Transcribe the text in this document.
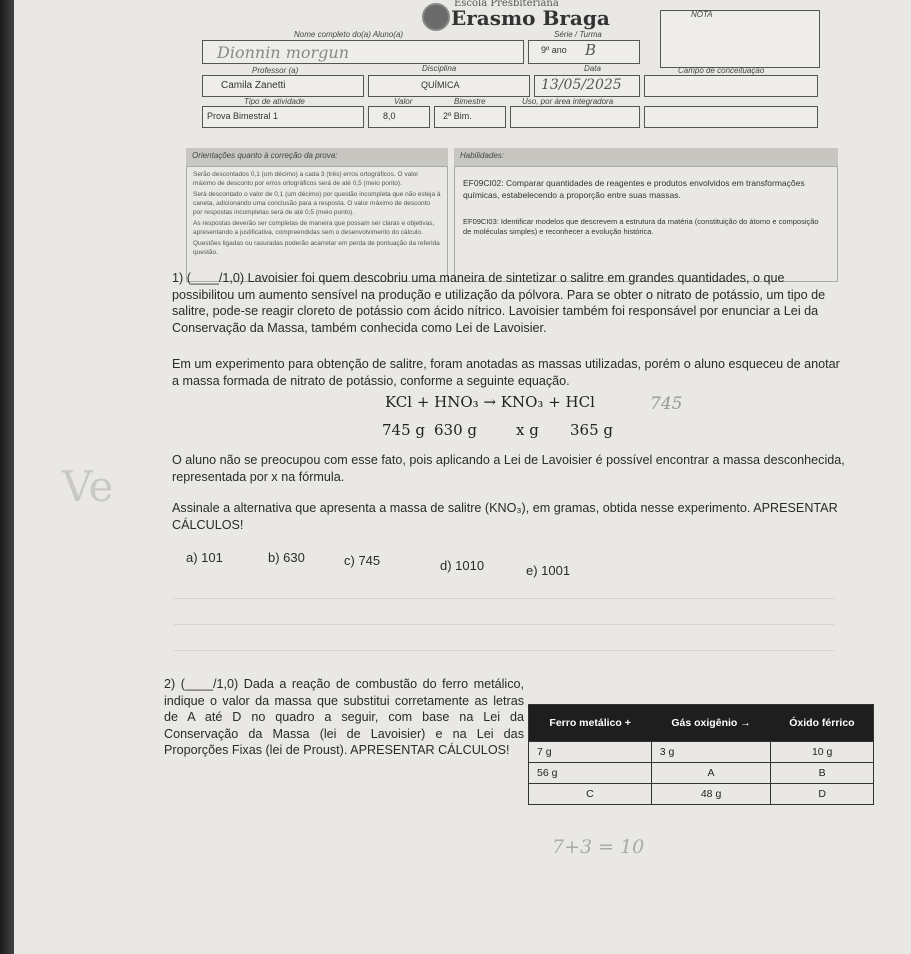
Escola Presbiteriana
Erasmo Braga	NOTA
Nome completo do(a) Aluno(a)
Dionnin morgun
Série / Turma
9º ano B
Professor (a)
Camila Zanetti
Disciplina
QUÍMICA
Data
13/05/2025
Campo de conceituação
Tipo de atividade
Prova Bimestral 1
Valor
8,0
Bimestre
2º Bim.
Uso, por área integradora
Orientações quanto à correção da prova:	Habilidades:
Serão descontados 0,1 (um décimo) a cada 3 (três) erros ortográficos. O valor máximo de desconto por erros ortográficos será de até 0,5 (meio ponto).
Será descontado o valor de 0,1 (um décimo) por questão incompleta que não esteja à caneta, adicionando uma conclusão para a resposta. O valor máximo de desconto por respostas incompletas será de até 0,5 (meio ponto).
As respostas deverão ser completas de maneira que possam ser claras e objetivas, apresentando a justificativa, compreendidas sem o desenvolvimento do cálculo.
Questões ligadas ou rasuradas poderão acarretar em perda de pontuação da referida questão.
EF09CI02: Comparar quantidades de reagentes e produtos envolvidos em transformações químicas, estabelecendo a proporção entre suas massas.
EF09CI03: Identificar modelos que descrevem a estrutura da matéria (constituição do átomo e composição de moléculas simples) e reconhecer a evolução histórica.
1) (____/1,0) Lavoisier foi quem descobriu uma maneira de sintetizar o salitre em grandes quantidades, o que possibilitou um aumento sensível na produção e utilização da pólvora. Para se obter o nitrato de potássio, um tipo de salitre, pode-se reagir cloreto de potássio com ácido nítrico. Lavoisier também foi responsável por enunciar a Lei da Conservação da Massa, também conhecida como Lei de Lavoisier.
Em um experimento para obtenção de salitre, foram anotadas as massas utilizadas, porém o aluno esqueceu de anotar a massa formada de nitrato de potássio, conforme a seguinte equação.
KCl + HNO₃ → KNO₃ + HCl	745
745 g 630 g	x g 365 g
O aluno não se preocupou com esse fato, pois aplicando a Lei de Lavoisier é possível encontrar a massa desconhecida, representada por x na fórmula.
Assinale a alternativa que apresenta a massa de salitre (KNO₃), em gramas, obtida nesse experimento. APRESENTAR CÁLCULOS!
Ve
a) 101	b) 630	c) 745	d) 1010	e) 1001
2) (____/1,0) Dada a reação de combustão do ferro metálico, indique o valor da massa que substitui corretamente as letras de A até D no quadro a seguir, com base na Lei da Conservação da Massa (lei de Lavoisier) e na Lei das Proporções Fixas (lei de Proust). APRESENTAR CÁLCULOS!
Ferro metálico +	Gás oxigênio →	Óxido férrico
7 g	3 g	10 g
56 g	A	B
C	48 g	D
7+3 = 10
